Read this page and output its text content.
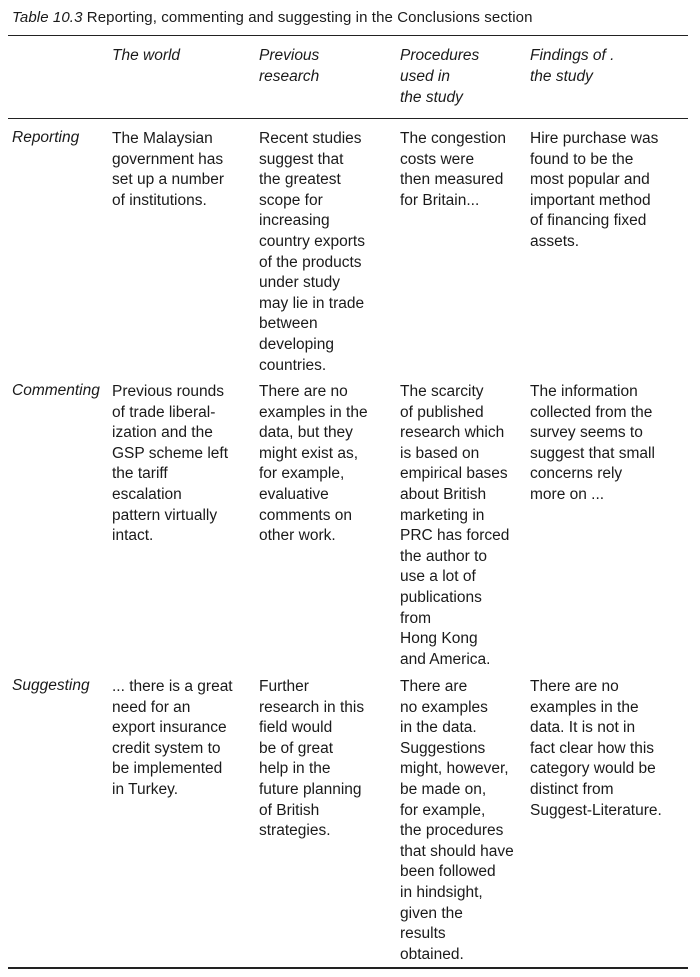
Table 10.3 Reporting, commenting and suggesting in the Conclusions section
The world	Previous
research
Procedures
used in
the study
Findings of .
the study
Reporting The Malaysian
government has
set up a number
of institutions.
Recent studies
suggest that
the greatest
scope for
increasing
country exports
of the products
under study
may lie in trade
between
developing
countries.
The congestion
costs were
then measured
for Britain...
Hire purchase was
found to be the
most popular and
important method
of financing fixed
assets.
Commenting Previous rounds
of trade liberal-
ization and the
GSP scheme left
the tariff
escalation
pattern virtually
intact.
There are no
examples in the
data, but they
might exist as,
for example,
evaluative
comments on
other work.
The scarcity
of published
research which
is based on
empirical bases
about British
marketing in
PRC has forced
the author to
use a lot of
publications
from
Hong Kong
and America.
The information
collected from the
survey seems to
suggest that small
concerns rely
more on ...
Suggesting ... there is a great
need for an
export insurance
credit system to
be implemented
in Turkey.
Further
research in this
field would
be of great
help in the
future planning
of British
strategies.
There are
no examples
in the data.
Suggestions
might, however,
be made on,
for example,
the procedures
that should have
been followed
in hindsight,
given the
results
obtained.
There are no
examples in the
data. It is not in
fact clear how this
category would be
distinct from
Suggest-Literature.
